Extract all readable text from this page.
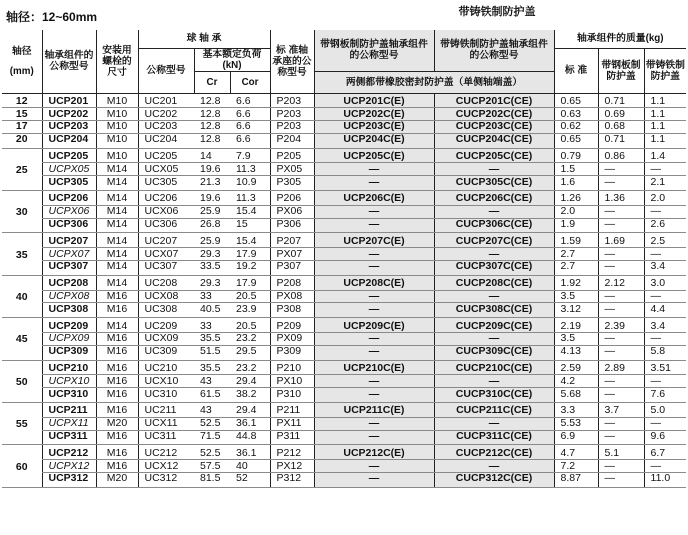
轴径：12~60mm	带铸铁制防护盖
轴径
(mm)	轴承组件的公称型号	安装用螺栓的尺寸	球 轴 承			标 准轴承座的公称型号	带钢板制防护盖轴承组件的公称型号	带铸铁制防护盖轴承组件的公称型号	轴承组件的质量(kg)		
			公称型号	基本额定负荷(kN)					标 准	带钢板制防护盖	带铸铁制防护盖
				Cr	Cor		两侧都带橡胶密封防护盖（单侧轴端盖）				
12	UCP201	M10	UC201	12.8	6.6	P203	UCP201C(E)	CUCP201C(CE)	0.65	0.71	1.1
15	UCP202	M10	UC202	12.8	6.6	P203	UCP202C(E)	CUCP202C(CE)	0.63	0.69	1.1
17	UCP203	M10	UC203	12.8	6.6	P203	UCP203C(E)	CUCP203C(CE)	0.62	0.68	1.1
20	UCP204	M10	UC204	12.8	6.6	P204	UCP204C(E)	CUCP204C(CE)	0.65	0.71	1.1
25	UCP205	M10	UC205	14	7.9	P205	UCP205C(E)	CUCP205C(CE)	0.79	0.86	1.4
	UCPX05	M14	UCX05	19.6	11.3	PX05	—	—	1.5	—	—
	UCP305	M14	UC305	21.3	10.9	P305	—	CUCP305C(CE)	1.6	—	2.1
30	UCP206	M14	UC206	19.6	11.3	P206	UCP206C(E)	CUCP206C(CE)	1.26	1.36	2.0
	UCPX06	M14	UCX06	25.9	15.4	PX06	—	—	2.0	—	—
	UCP306	M14	UC306	26.8	15	P306	—	CUCP306C(CE)	1.9	—	2.6
35	UCP207	M14	UC207	25.9	15.4	P207	UCP207C(E)	CUCP207C(CE)	1.59	1.69	2.5
	UCPX07	M14	UCX07	29.3	17.9	PX07	—	—	2.7	—	—
	UCP307	M14	UC307	33.5	19.2	P307	—	CUCP307C(CE)	2.7	—	3.4
40	UCP208	M14	UC208	29.3	17.9	P208	UCP208C(E)	CUCP208C(CE)	1.92	2.12	3.0
	UCPX08	M16	UCX08	33	20.5	PX08	—	—	3.5	—	—
	UCP308	M16	UC308	40.5	23.9	P308	—	CUCP308C(CE)	3.12	—	4.4
45	UCP209	M14	UC209	33	20.5	P209	UCP209C(E)	CUCP209C(CE)	2.19	2.39	3.4
	UCPX09	M16	UCX09	35.5	23.2	PX09	—	—	3.5	—	—
	UCP309	M16	UC309	51.5	29.5	P309	—	CUCP309C(CE)	4.13	—	5.8
50	UCP210	M16	UC210	35.5	23.2	P210	UCP210C(E)	CUCP210C(CE)	2.59	2.89	3.51
	UCPX10	M16	UCX10	43	29.4	PX10	—	—	4.2	—	—
	UCP310	M16	UC310	61.5	38.2	P310	—	CUCP310C(CE)	5.68	—	7.6
55	UCP211	M16	UC211	43	29.4	P211	UCP211C(E)	CUCP211C(CE)	3.3	3.7	5.0
	UCPX11	M20	UCX11	52.5	36.1	PX11	—	—	5.53	—	—
	UCP311	M16	UC311	71.5	44.8	P311	—	CUCP311C(CE)	6.9	—	9.6
60	UCP212	M16	UC212	52.5	36.1	P212	UCP212C(E)	CUCP212C(CE)	4.7	5.1	6.7
	UCPX12	M16	UCX12	57.5	40	PX12	—	—	7.2	—	—
	UCP312	M20	UC312	81.5	52	P312	—	CUCP312C(CE)	8.87	—	11.0
